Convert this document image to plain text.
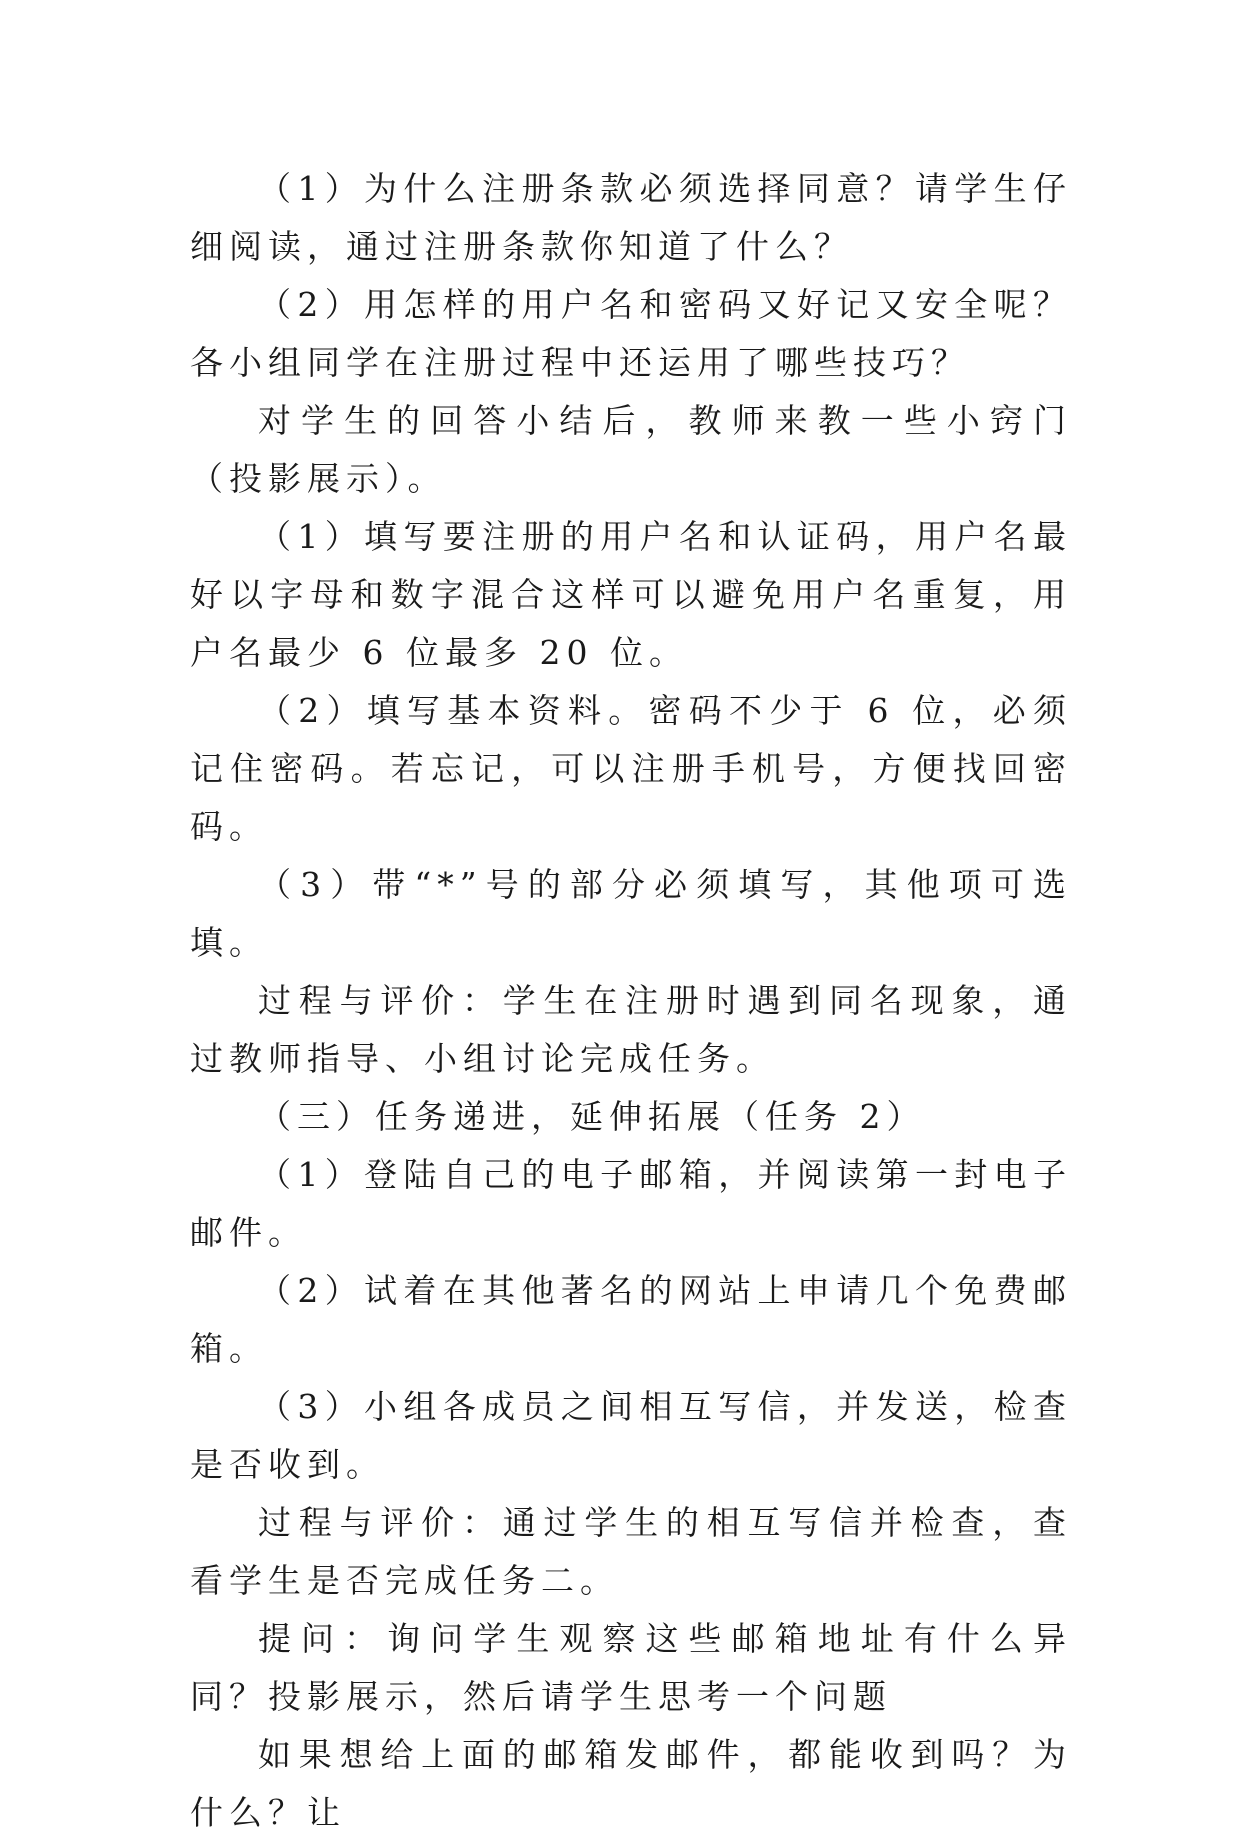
（1）为什么注册条款必须选择同意？请学生仔细阅读，通过注册条款你知道了什么？

（2）用怎样的用户名和密码又好记又安全呢？各小组同学在注册过程中还运用了哪些技巧？

对学生的回答小结后，教师来教一些小窍门（投影展示）。

（1）填写要注册的用户名和认证码，用户名最好以字母和数字混合这样可以避免用户名重复，用户名最少 6 位最多 20 位。

（2）填写基本资料。密码不少于 6 位，必须记住密码。若忘记，可以注册手机号，方便找回密码。

（3）带“*”号的部分必须填写，其他项可选填。

过程与评价：学生在注册时遇到同名现象，通过教师指导、小组讨论完成任务。

（三）任务递进，延伸拓展（任务 2）

（1）登陆自己的电子邮箱，并阅读第一封电子邮件。

（2）试着在其他著名的网站上申请几个免费邮箱。

（3）小组各成员之间相互写信，并发送，检查是否收到。

过程与评价：通过学生的相互写信并检查，查看学生是否完成任务二。

提问：询问学生观察这些邮箱地址有什么异同？投影展示，然后请学生思考一个问题

如果想给上面的邮箱发邮件，都能收到吗？为什么？让
